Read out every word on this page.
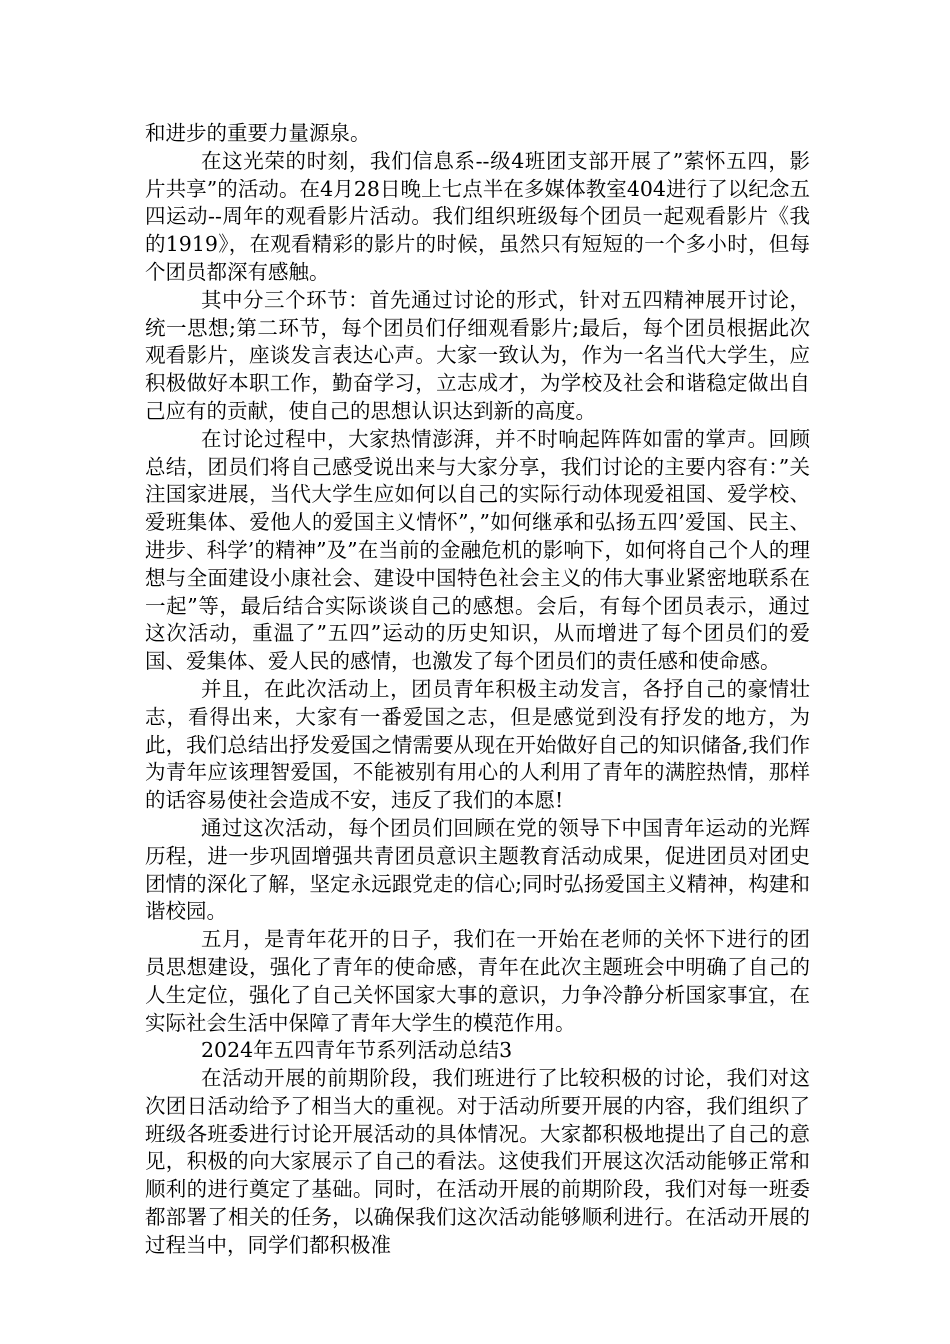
和进步的重要力量源泉。

在这光荣的时刻，我们信息系--级4班团支部开展了”萦怀五四，影片共享”的活动。在4月28日晚上七点半在多媒体教室404进行了以纪念五四运动--周年的观看影片活动。我们组织班级每个团员一起观看影片《我的1919》，在观看精彩的影片的时候，虽然只有短短的一个多小时，但每个团员都深有感触。

其中分三个环节：首先通过讨论的形式，针对五四精神展开讨论，统一思想;第二环节，每个团员们仔细观看影片;最后，每个团员根据此次观看影片，座谈发言表达心声。大家一致认为，作为一名当代大学生，应积极做好本职工作，勤奋学习，立志成才，为学校及社会和谐稳定做出自己应有的贡献，使自己的思想认识达到新的高度。

在讨论过程中，大家热情澎湃，并不时响起阵阵如雷的掌声。回顾总结，团员们将自己感受说出来与大家分享，我们讨论的主要内容有：”关注国家进展，当代大学生应如何以自己的实际行动体现爱祖国、爱学校、爱班集体、爱他人的爱国主义情怀”，”如何继承和弘扬五四’爱国、民主、进步、科学’的精神”及”在当前的金融危机的影响下，如何将自己个人的理想与全面建设小康社会、建设中国特色社会主义的伟大事业紧密地联系在一起”等，最后结合实际谈谈自己的感想。会后，有每个团员表示，通过这次活动，重温了”五四”运动的历史知识，从而增进了每个团员们的爱国、爱集体、爱人民的感情，也激发了每个团员们的责任感和使命感。

并且，在此次活动上，团员青年积极主动发言，各抒自己的豪情壮志，看得出来，大家有一番爱国之志，但是感觉到没有抒发的地方，为此，我们总结出抒发爱国之情需要从现在开始做好自己的知识储备,我们作为青年应该理智爱国，不能被别有用心的人利用了青年的满腔热情，那样的话容易使社会造成不安，违反了我们的本愿!

通过这次活动，每个团员们回顾在党的领导下中国青年运动的光辉历程，进一步巩固增强共青团员意识主题教育活动成果，促进团员对团史团情的深化了解，坚定永远跟党走的信心;同时弘扬爱国主义精神，构建和谐校园。

五月，是青年花开的日子，我们在一开始在老师的关怀下进行的团员思想建设，强化了青年的使命感，青年在此次主题班会中明确了自己的人生定位，强化了自己关怀国家大事的意识，力争冷静分析国家事宜，在实际社会生活中保障了青年大学生的模范作用。

2024年五四青年节系列活动总结3

在活动开展的前期阶段，我们班进行了比较积极的讨论，我们对这次团日活动给予了相当大的重视。对于活动所要开展的内容，我们组织了班级各班委进行讨论开展活动的具体情况。大家都积极地提出了自己的意见，积极的向大家展示了自己的看法。这使我们开展这次活动能够正常和顺利的进行奠定了基础。同时，在活动开展的前期阶段，我们对每一班委都部署了相关的任务，以确保我们这次活动能够顺利进行。在活动开展的过程当中，同学们都积极准
